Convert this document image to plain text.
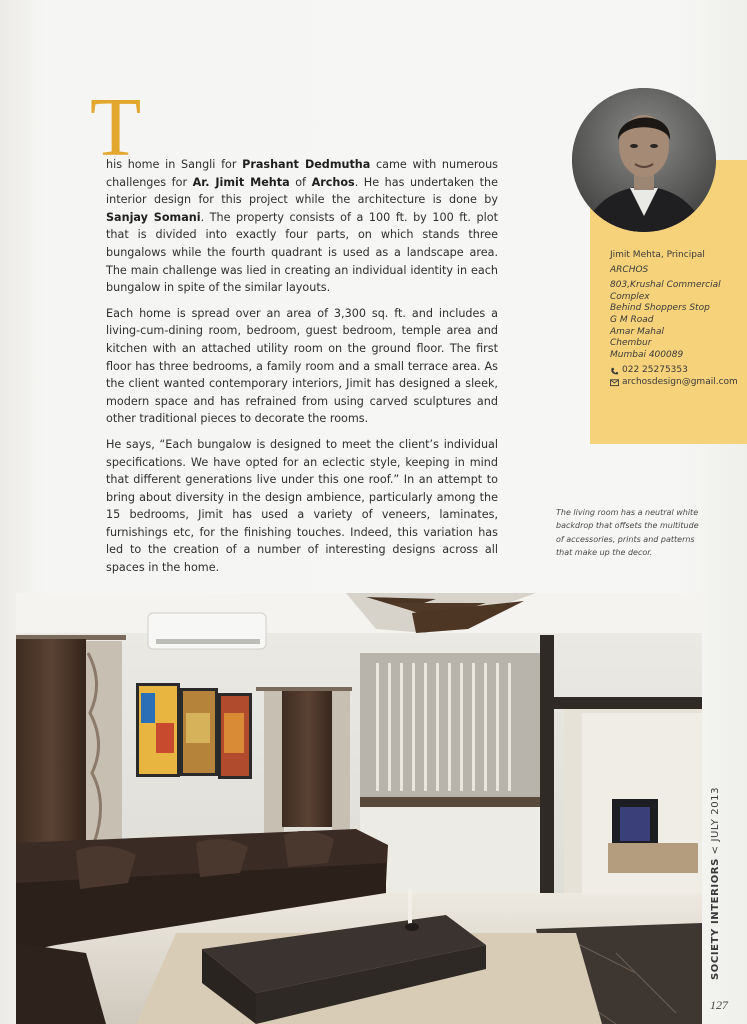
T

his home in Sangli for Prashant Dedmutha came with numerous challenges for Ar. Jimit Mehta of Archos. He has undertaken the interior design for this project while the architecture is done by Sanjay Somani. The property consists of a 100 ft. by 100 ft. plot that is divided into exactly four parts, on which stands three bungalows while the fourth quadrant is used as a landscape area. The main challenge was lied in creating an individual identity in each bungalow in spite of the similar layouts.

Each home is spread over an area of 3,300 sq. ft. and includes a living-cum-dining room, bedroom, guest bedroom, temple area and kitchen with an attached utility room on the ground floor. The first floor has three bedrooms, a family room and a small terrace area. As the client wanted contemporary interiors, Jimit has designed a sleek, modern space and has refrained from using carved sculptures and other traditional pieces to decorate the rooms.

He says, “Each bungalow is designed to meet the client’s individual specifications. We have opted for an eclectic style, keeping in mind that different generations live under this one roof.” In an attempt to bring about diversity in the design ambience, particularly among the 15 bedrooms, Jimit has used a variety of veneers, laminates, furnishings etc, for the finishing touches. Indeed, this variation has led to the creation of a number of interesting designs across all spaces in the home.

Jimit Mehta, Principal
ARCHOS
803,Krushal Commercial
Complex
Behind Shoppers Stop
G M Road
Amar Mahal
Chembur
Mumbai 400089
022 25275353
archosdesign@gmail.com
The living room has a neutral white backdrop that offsets the multitude of accessories, prints and patterns that make up the decor.
SOCIETY INTERIORS < JULY 2013
127
